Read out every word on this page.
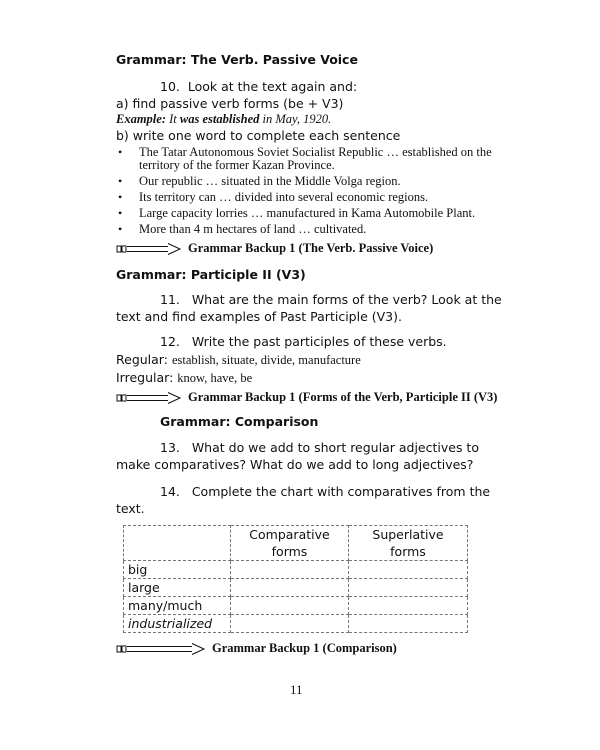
Grammar: The Verb. Passive Voice
10. Look at the text again and:
a) find passive verb forms (be + V3)
Example: It was established in May, 1920.
b) write one word to complete each sentence
• The Tatar Autonomous Soviet Socialist Republic … established on the territory of the former Kazan Province.
• Our republic … situated in the Middle Volga region.
• Its territory can … divided into several economic regions.
• Large capacity lorries … manufactured in Kama Automobile Plant.
• More than 4 m hectares of land … cultivated.
Grammar Backup 1 (The Verb. Passive Voice)
Grammar: Participle II (V3)
11. What are the main forms of the verb? Look at the
text and find examples of Past Participle (V3).
12. Write the past participles of these verbs.
Regular: establish, situate, divide, manufacture
Irregular: know, have, be
Grammar Backup 1 (Forms of the Verb, Participle II (V3)
Grammar: Comparison
13. What do we add to short regular adjectives to
make comparatives? What do we add to long adjectives?
14. Complete the chart with comparatives from the
text.
	Comparative forms	Superlative forms
big		
large		
many/much		
industrialized		
Grammar Backup 1 (Comparison)
11
